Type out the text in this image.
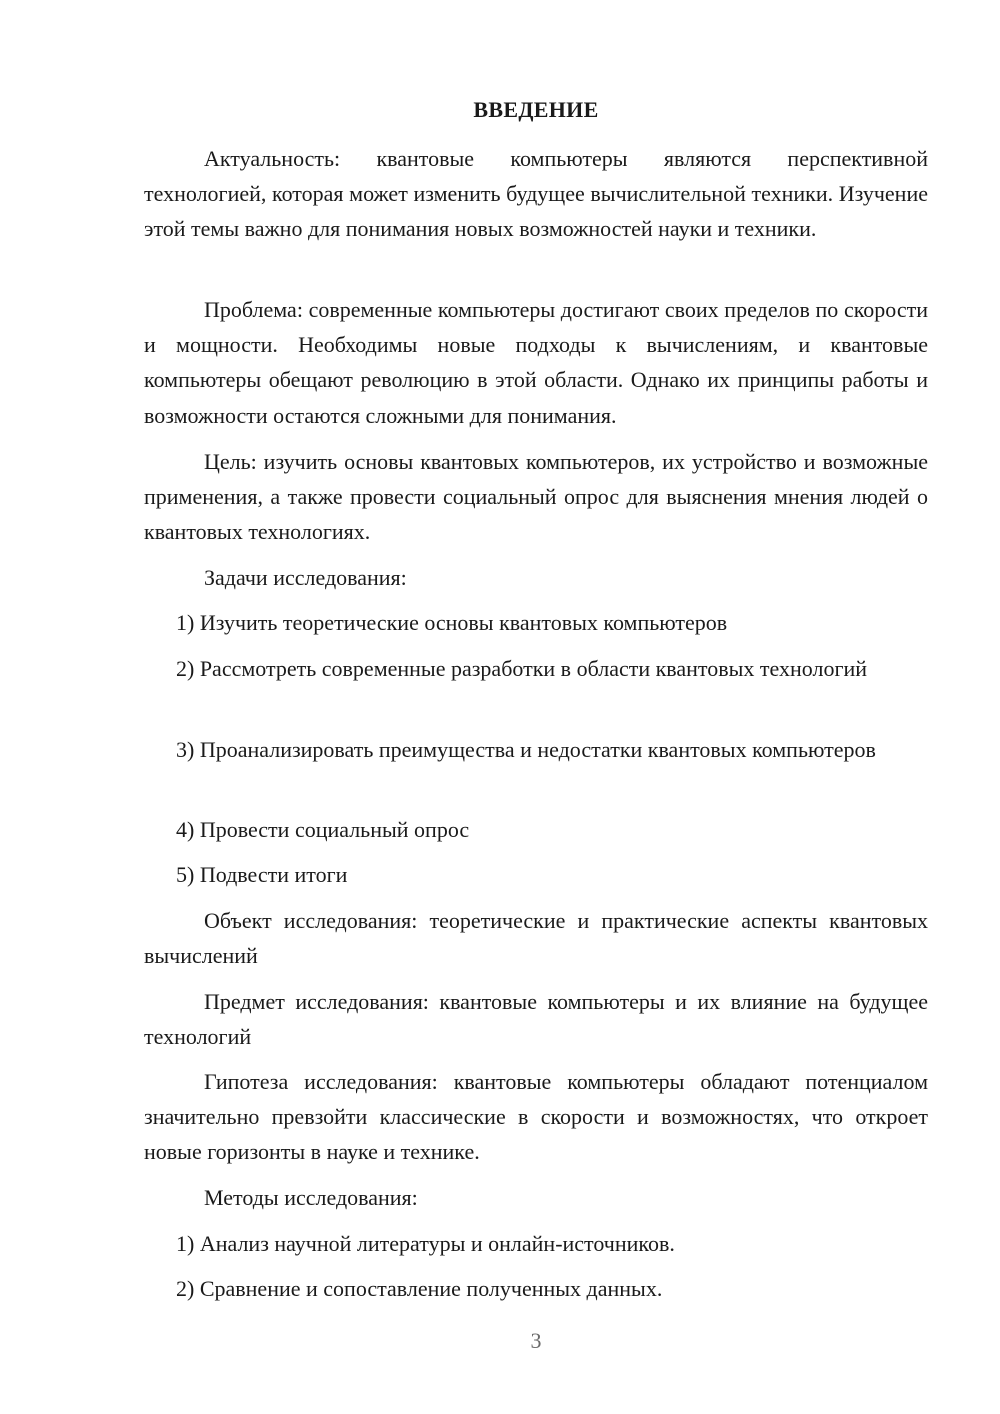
ВВЕДЕНИЕ

Актуальность: квантовые компьютеры являются перспективной технологией, которая может изменить будущее вычислительной техники. Изучение этой темы важно для понимания новых возможностей науки и техники.

Проблема: современные компьютеры достигают своих пределов по скорости и мощности. Необходимы новые подходы к вычислениям, и квантовые компьютеры обещают революцию в этой области. Однако их принципы работы и возможности остаются сложными для понимания.

Цель: изучить основы квантовых компьютеров, их устройство и возможные применения, а также провести социальный опрос для выяснения мнения людей о квантовых технологиях.

Задачи исследования:

1) Изучить теоретические основы квантовых компьютеров

2) Рассмотреть современные разработки в области квантовых технологий

3) Проанализировать преимущества и недостатки квантовых компьютеров

4) Провести социальный опрос

5) Подвести итоги

Объект исследования: теоретические и практические аспекты квантовых вычислений

Предмет исследования: квантовые компьютеры и их влияние на будущее технологий

Гипотеза исследования: квантовые компьютеры обладают потенциалом значительно превзойти классические в скорости и возможностях, что откроет новые горизонты в науке и технике.

Методы исследования:

1) Анализ научной литературы и онлайн-источников.

2) Сравнение и сопоставление полученных данных.

3
